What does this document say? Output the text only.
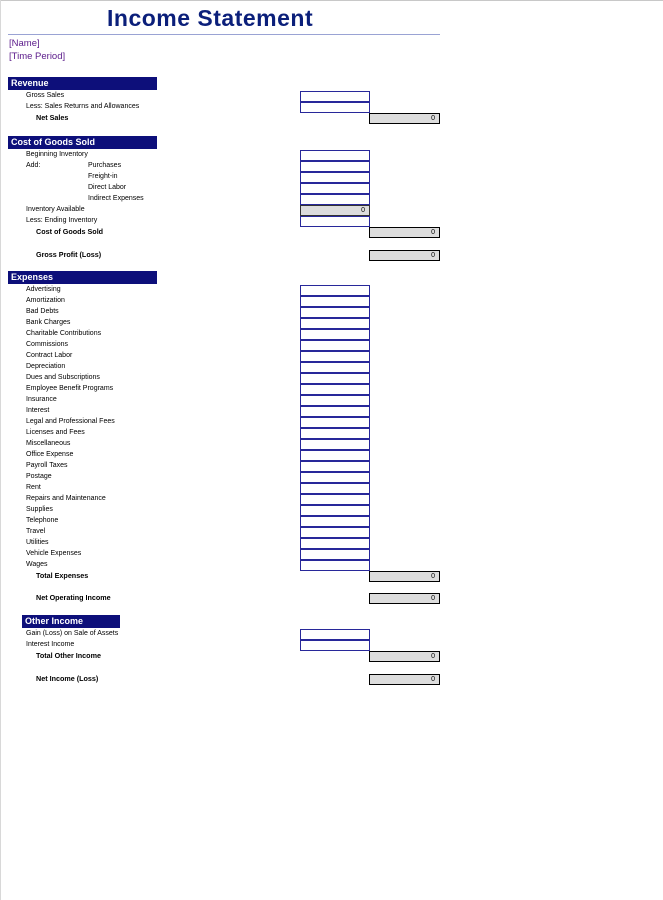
Income Statement
[Name]
[Time Period]
Revenue
Gross Sales
Less: Sales Returns and Allowances
Net Sales	0
Cost of Goods Sold
Beginning Inventory
Add:	Purchases
Freight-in
Direct Labor
Indirect Expenses
Inventory Available	0
Less: Ending Inventory
Cost of Goods Sold	0
Gross Profit (Loss)	0
Expenses
Advertising
Amortization
Bad Debts
Bank Charges
Charitable Contributions
Commissions
Contract Labor
Depreciation
Dues and Subscriptions
Employee Benefit Programs
Insurance
Interest
Legal and Professional Fees
Licenses and Fees
Miscellaneous
Office Expense
Payroll Taxes
Postage
Rent
Repairs and Maintenance
Supplies
Telephone
Travel
Utilities
Vehicle Expenses
Wages
Total Expenses	0
Net Operating Income	0
Other Income
Gain (Loss) on Sale of Assets
Interest Income
Total Other Income	0
Net Income (Loss)	0
